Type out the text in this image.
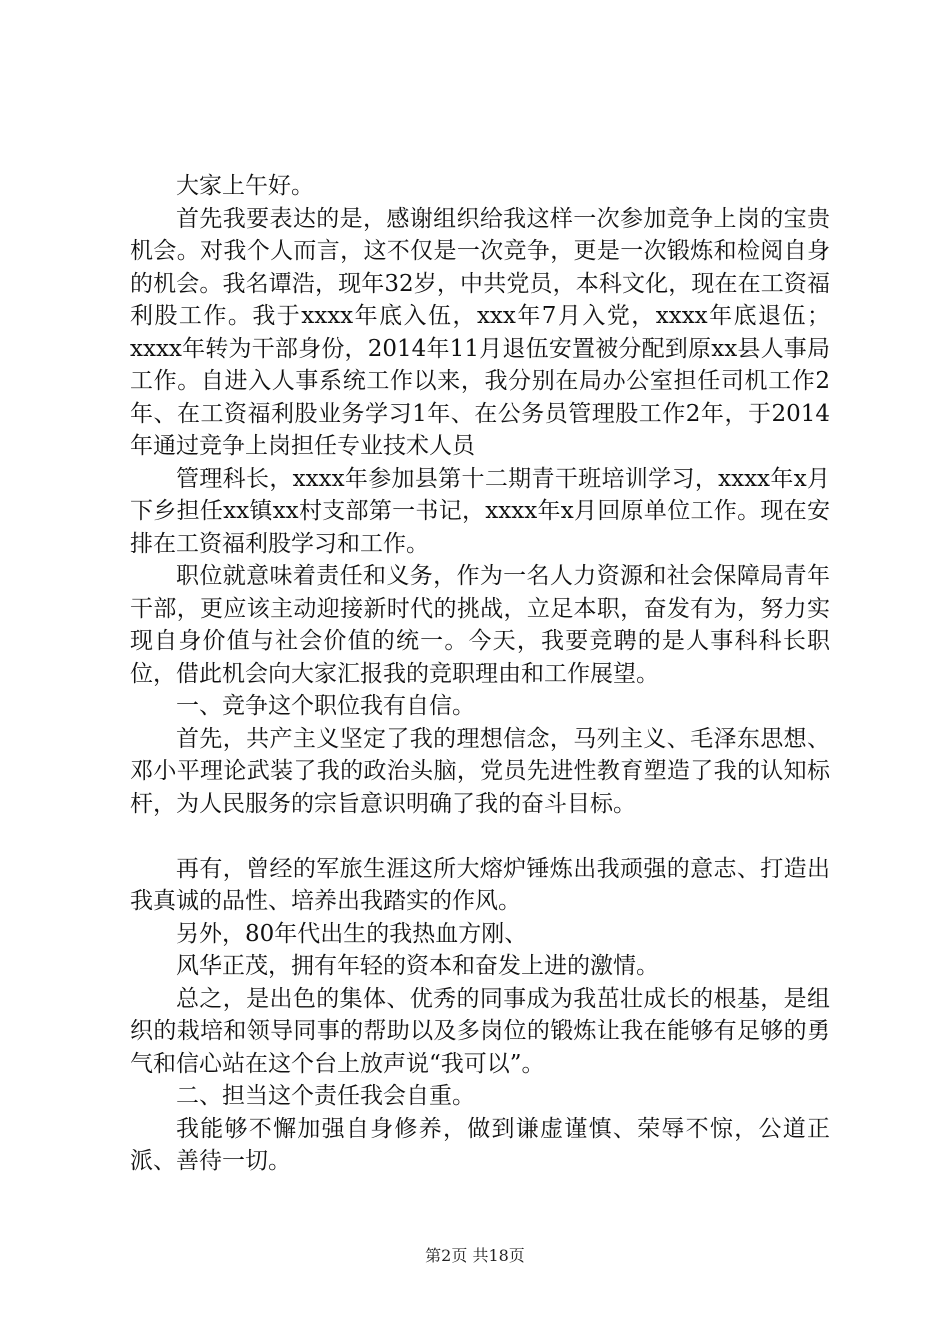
大家上午好。

首先我要表达的是，感谢组织给我这样一次参加竞争上岗的宝贵机会。对我个人而言，这不仅是一次竞争，更是一次锻炼和检阅自身的机会。我名谭浩，现年32岁，中共党员，本科文化，现在在工资福利股工作。我于xxxx年底入伍，xxx年7月入党，xxxx年底退伍；xxxx年转为干部身份，2014年11月退伍安置被分配到原xx县人事局工作。自进入人事系统工作以来，我分别在局办公室担任司机工作2年、在工资福利股业务学习1年、在公务员管理股工作2年，于2014年通过竞争上岗担任专业技术人员

管理科长，xxxx年参加县第十二期青干班培训学习，xxxx年x月下乡担任xx镇xx村支部第一书记，xxxx年x月回原单位工作。现在安排在工资福利股学习和工作。

职位就意味着责任和义务，作为一名人力资源和社会保障局青年干部，更应该主动迎接新时代的挑战，立足本职，奋发有为，努力实现自身价值与社会价值的统一。今天，我要竞聘的是人事科科长职位，借此机会向大家汇报我的竞职理由和工作展望。

一、竞争这个职位我有自信。

首先，共产主义坚定了我的理想信念，马列主义、毛泽东思想、邓小平理论武装了我的政治头脑，党员先进性教育塑造了我的认知标杆，为人民服务的宗旨意识明确了我的奋斗目标。

再有，曾经的军旅生涯这所大熔炉锤炼出我顽强的意志、打造出我真诚的品性、培养出我踏实的作风。

另外，80年代出生的我热血方刚、

风华正茂，拥有年轻的资本和奋发上进的激情。

总之，是出色的集体、优秀的同事成为我茁壮成长的根基，是组织的栽培和领导同事的帮助以及多岗位的锻炼让我在能够有足够的勇气和信心站在这个台上放声说“我可以”。

二、担当这个责任我会自重。

我能够不懈加强自身修养，做到谦虚谨慎、荣辱不惊，公道正派、善待一切。

第2页 共18页
